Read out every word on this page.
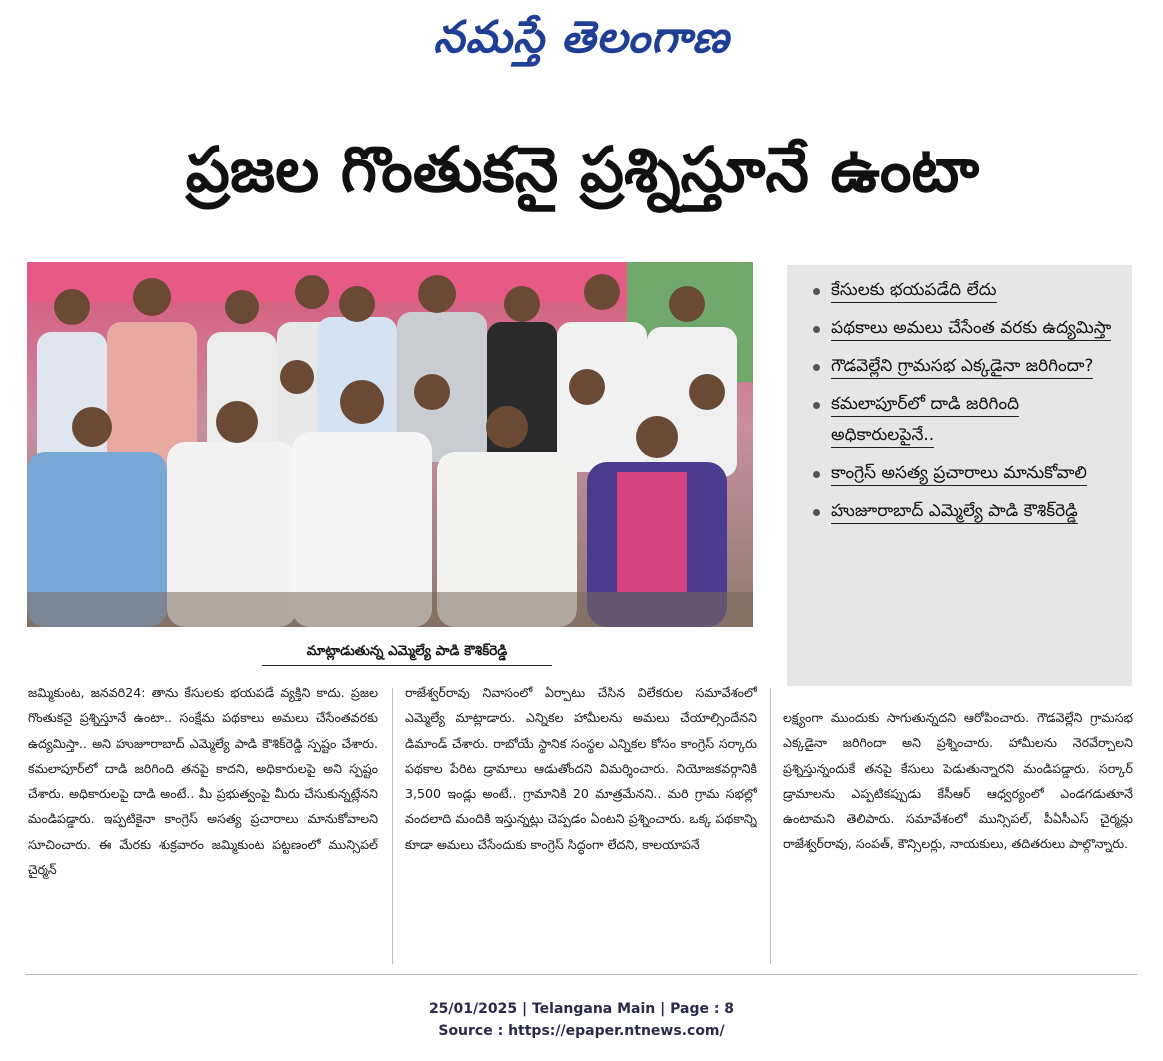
నమస్తే తెలంగాణ
ప్రజల గొంతుకనై ప్రశ్నిస్తూనే ఉంటా
మాట్లాడుతున్న ఎమ్మెల్యే పాడి కౌశిక్‌రెడ్డి
కేసులకు భయపడేది లేదు
పథకాలు అమలు చేసేంత వరకు ఉద్యమిస్తా
గౌడవెల్లేని గ్రామసభ ఎక్కడైనా జరిగిందా?
కమలాపూర్‌లో దాడి జరిగింది అధికారులపైనే..
కాంగ్రెస్ అసత్య ప్రచారాలు మానుకోవాలి
హుజూరాబాద్ ఎమ్మెల్యే పాడి కౌశిక్‌రెడ్డి
జమ్మికుంట, జనవరి24: తాను కేసులకు భయపడే వ్యక్తిని కాదు. ప్రజల గొంతుకనై ప్రశ్నిస్తూనే ఉంటా.. సంక్షేమ పథకాలు అమలు చేసేంతవరకు ఉద్యమిస్తా.. అని హుజూరాబాద్ ఎమ్మెల్యే పాడి కౌశిక్‌రెడ్డి స్పష్టం చేశారు. కమలాపూర్‌లో దాడి జరిగింది తనపై కాదని, అధికారులపై అని స్పష్టం చేశారు. అధికారులపై దాడి అంటే.. మీ ప్రభుత్వంపై మీరు చేసుకున్నట్లేనని మండిపడ్డారు. ఇప్పటికైనా కాంగ్రెస్ అసత్య ప్రచారాలు మానుకోవాలని సూచించారు. ఈ మేరకు శుక్రవారం జమ్మికుంట పట్టణంలో మున్సిపల్ చైర్మన్
రాజేశ్వర్‌రావు నివాసంలో ఏర్పాటు చేసిన విలేకరుల సమావేశంలో ఎమ్మెల్యే మాట్లాడారు. ఎన్నికల హామీలను అమలు చేయాల్సిందేనని డిమాండ్ చేశారు. రాబోయే స్థానిక సంస్థల ఎన్నికల కోసం కాంగ్రెస్ సర్కారు పథకాల పేరిట డ్రామాలు ఆడుతోందని విమర్శించారు. నియోజకవర్గానికి 3,500 ఇండ్లు అంటే.. గ్రామానికి 20 మాత్రమేనని.. మరి గ్రామ సభల్లో వందలాది మందికి ఇస్తున్నట్లు చెప్పడం ఏంటని ప్రశ్నించారు. ఒక్క పథకాన్ని కూడా అమలు చేసేందుకు కాంగ్రెస్ సిద్ధంగా లేదని, కాలయాపనే
లక్ష్యంగా ముందుకు సాగుతున్నదని ఆరోపించారు. గౌడవెల్లేని గ్రామసభ ఎక్కడైనా జరిగిందా అని ప్రశ్నించారు. హామీలను నెరవేర్చాలని ప్రశ్నిస్తున్నందుకే తనపై కేసులు పెడుతున్నారని మండిపడ్డారు. సర్కార్ డ్రామాలను ఎప్పటికప్పుడు కేసీఆర్ ఆధ్వర్యంలో ఎండగడుతూనే ఉంటామని తెలిపారు. సమావేశంలో మున్సిపల్, పీఏసీఎస్ చైర్మన్లు రాజేశ్వర్‌రావు, సంపత్, కౌన్సిలర్లు, నాయకులు, తదితరులు పాల్గొన్నారు.
25/01/2025 | Telangana Main | Page : 8
Source : https://epaper.ntnews.com/
